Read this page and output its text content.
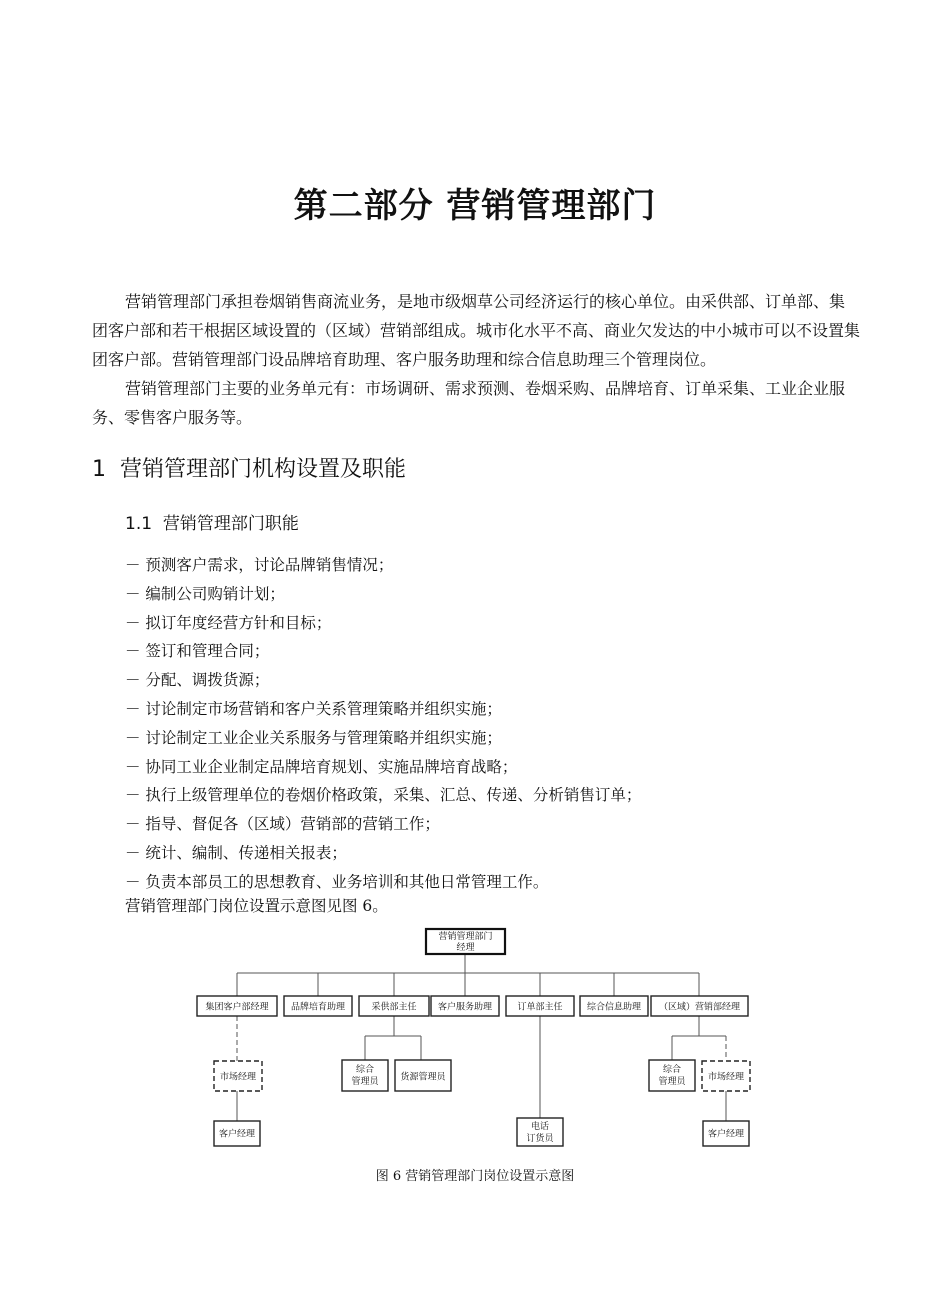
第二部分 营销管理部门

营销管理部门承担卷烟销售商流业务，是地市级烟草公司经济运行的核心单位。由采供部、订单部、集团客户部和若干根据区域设置的（区域）营销部组成。城市化水平不高、商业欠发达的中小城市可以不设置集团客户部。营销管理部门设品牌培育助理、客户服务助理和综合信息助理三个管理岗位。

营销管理部门主要的业务单元有：市场调研、需求预测、卷烟采购、品牌培育、订单采集、工业企业服务、零售客户服务等。

1 营销管理部门机构设置及职能
1.1 营销管理部门职能
－ 预测客户需求，讨论品牌销售情况；
－ 编制公司购销计划；
－ 拟订年度经营方针和目标；
－ 签订和管理合同；
－ 分配、调拨货源；
－ 讨论制定市场营销和客户关系管理策略并组织实施；
－ 讨论制定工业企业关系服务与管理策略并组织实施；
－ 协同工业企业制定品牌培育规划、实施品牌培育战略；
－ 执行上级管理单位的卷烟价格政策，采集、汇总、传递、分析销售订单；
－ 指导、督促各（区域）营销部的营销工作；
－ 统计、编制、传递相关报表；
－ 负责本部员工的思想教育、业务培训和其他日常管理工作。
营销管理部门岗位设置示意图见图 6。
营销管理部门
经理
集团客户部经理 品牌培育助理	采供部主任 客户服务助理	订单部主任	综合信息助理 （区域）营销部经理
市场经理
综合
管理员 货源管理员
综合
管理员 市场经理
客户经理
电话
订货员	客户经理
图 6 营销管理部门岗位设置示意图
